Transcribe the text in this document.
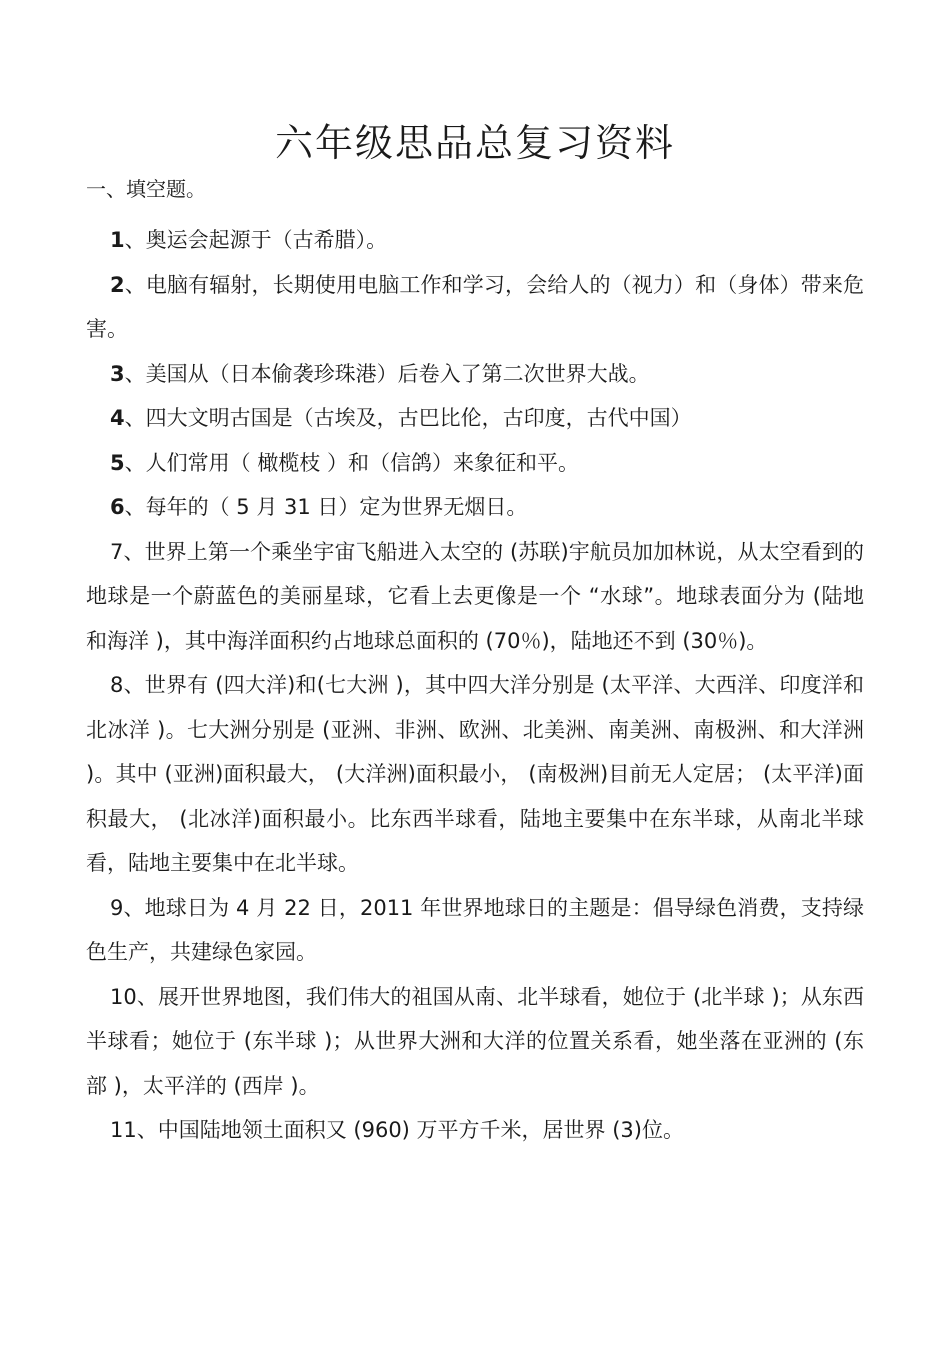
六年级思品总复习资料
一、填空题。

1、奥运会起源于（古希腊）。

2、电脑有辐射，长期使用电脑工作和学习，会给人的（视力）和（身体）带来危害。

3、美国从（日本偷袭珍珠港）后卷入了第二次世界大战。

4、四大文明古国是（古埃及，古巴比伦，古印度，古代中国）

5、人们常用（ 橄榄枝 ）和（信鸽）来象征和平。

6、每年的（ 5 月 31 日）定为世界无烟日。

7、世界上第一个乘坐宇宙飞船进入太空的 (苏联)宇航员加加林说，从太空看到的地球是一个蔚蓝色的美丽星球，它看上去更像是一个 “水球”。地球表面分为 (陆地和海洋 )，其中海洋面积约占地球总面积的 (70％)，陆地还不到 (30％)。

8、世界有 (四大洋)和(七大洲 )，其中四大洋分别是 (太平洋、大西洋、印度洋和北冰洋 )。七大洲分别是 (亚洲、非洲、欧洲、北美洲、南美洲、南极洲、和大洋洲 )。其中 (亚洲)面积最大， (大洋洲)面积最小， (南极洲)目前无人定居； (太平洋)面积最大， (北冰洋)面积最小。比东西半球看，陆地主要集中在东半球，从南北半球看，陆地主要集中在北半球。

9、地球日为 4 月 22 日，2011 年世界地球日的主题是：倡导绿色消费，支持绿色生产，共建绿色家园。

10、展开世界地图，我们伟大的祖国从南、北半球看，她位于 (北半球 )；从东西半球看；她位于 (东半球 )；从世界大洲和大洋的位置关系看，她坐落在亚洲的 (东部 )，太平洋的 (西岸 )。

11、中国陆地领土面积又 (960) 万平方千米，居世界 (3)位。
